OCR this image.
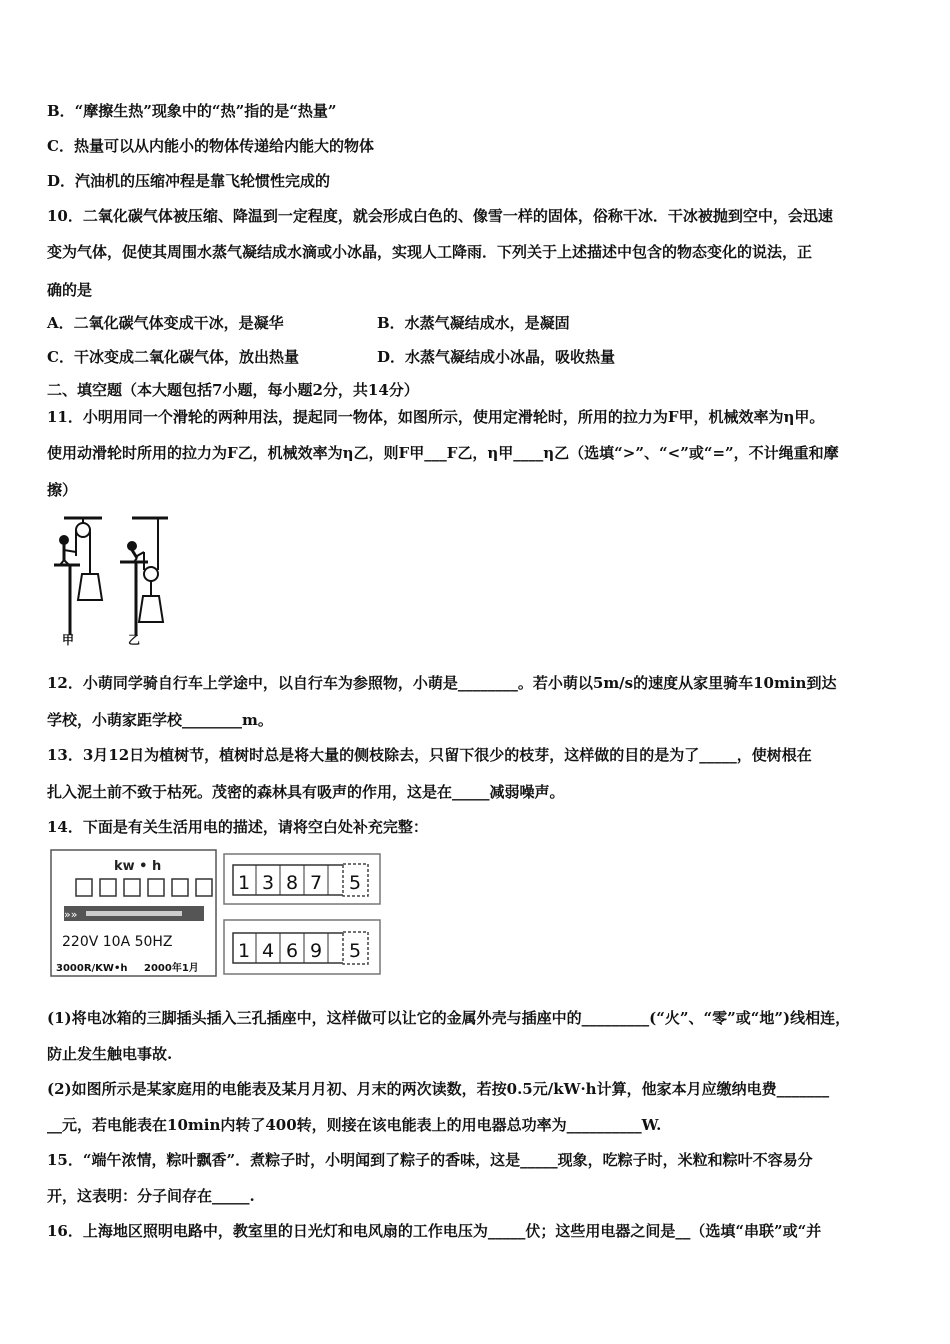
B．“摩擦生热”现象中的“热”指的是“热量”
C．热量可以从内能小的物体传递给内能大的物体
D．汽油机的压缩冲程是靠飞轮惯性完成的
10．二氧化碳气体被压缩、降温到一定程度，就会形成白色的、像雪一样的固体，俗称干冰．干冰被抛到空中，会迅速
变为气体，促使其周围水蒸气凝结成水滴或小冰晶，实现人工降雨．下列关于上述描述中包含的物态变化的说法，正
确的是
A．二氧化碳气体变成干冰，是凝华	B．水蒸气凝结成水，是凝固
C．干冰变成二氧化碳气体，放出热量	D．水蒸气凝结成小冰晶，吸收热量
二、填空题（本大题包括7小题，每小题2分，共14分）
11．小明用同一个滑轮的两种用法，提起同一物体，如图所示，使用定滑轮时，所用的拉力为F甲，机械效率为η甲。
使用动滑轮时所用的拉力为F乙，机械效率为η乙，则F甲___F乙，η甲____η乙（选填“>”、“<”或“=”，不计绳重和摩
擦）
甲	乙
12．小萌同学骑自行车上学途中，以自行车为参照物，小萌是________。若小萌以5m/s的速度从家里骑车10min到达
学校，小萌家距学校________m。
13．3月12日为植树节，植树时总是将大量的侧枝除去，只留下很少的枝芽，这样做的目的是为了_____，使树根在
扎入泥土前不致于枯死。茂密的森林具有吸声的作用，这是在_____减弱噪声。
14．下面是有关生活用电的描述，请将空白处补充完整：
kw • h
»»
220V 10A 50HZ
3000R/KW•h 2000年1月
1 3 8 7 5
1 4 6 9 5
(1)将电冰箱的三脚插头插入三孔插座中，这样做可以让它的金属外壳与插座中的_________(“火”、“零”或“地”)线相连，
防止发生触电事故.
(2)如图所示是某家庭用的电能表及某月月初、月末的两次读数，若按0.5元/kW·h计算，他家本月应缴纳电费_______
__元，若电能表在10min内转了400转，则接在该电能表上的用电器总功率为__________W.
15．“端午浓情，粽叶飘香”．煮粽子时，小明闻到了粽子的香味，这是_____现象，吃粽子时，米粒和粽叶不容易分
开，这表明：分子间存在_____.
16．上海地区照明电路中，教室里的日光灯和电风扇的工作电压为_____伏；这些用电器之间是__（选填“串联”或“并
